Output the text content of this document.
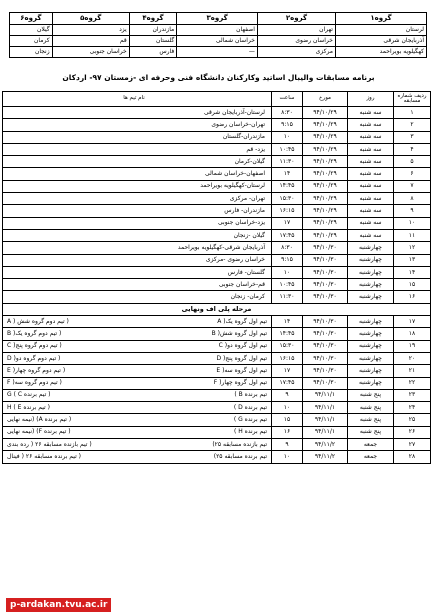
گروه۶	گروه۵	گروه۴	گروه۳	گروه۲	گروه۱
گیلان	یزد	مازندران	اصفهان	تهران	لرستان
کرمان	قم	گلستان	خراسان شمالی	خراسان رضوی	آذربایجان شرقی
زنجان	خراسان جنوبی	فارس	—	مرکزی	کهگیلویه بویراحمد
برنامه مسابقات والیبال اساتید وکارکنان دانشگاه فنی وحرفه ای -زمستان ۹۷- اردکان
ردیف شماره مسابقه	روز	مورخ	ساعت	نام تیم ها
۱	سه شنبه	۹۴/۱۰/۲۹	۸:۳۰	لرستان-آذربایجان شرقی
۲	سه شنبه	۹۴/۱۰/۲۹	۹:۱۵	تهران-خراسان رضوی
۳	سه شنبه	۹۴/۱۰/۲۹	۱۰	مازندران-گلستان
۴	سه شنبه	۹۴/۱۰/۲۹	۱۰:۴۵	یزد- قم
۵	سه شنبه	۹۴/۱۰/۲۹	۱۱:۳۰	گیلان-کرمان
۶	سه شنبه	۹۴/۱۰/۲۹	۱۴	اصفهان-خراسان شمالی
۷	سه شنبه	۹۴/۱۰/۲۹	۱۴:۴۵	لرستان-کهگیلویه بویراحمد
۸	سه شنبه	۹۴/۱۰/۲۹	۱۵:۳۰	تهران- مرکزی
۹	سه شنبه	۹۴/۱۰/۲۹	۱۶:۱۵	مازندران- فارس
۱۰	سه شنبه	۹۴/۱۰/۲۹	۱۷	یزد-خراسان جنوبی
۱۱	سه شنبه	۹۴/۱۰/۲۹	۱۷:۴۵	گیلان -زنجان
۱۲	چهارشنبه	۹۴/۱۰/۳۰	۸:۳۰	آذربایجان شرقی-کهگیلویه بویراحمد
۱۳	چهارشنبه	۹۴/۱۰/۳۰	۹:۱۵	خراسان رضوی -مرکزی
۱۴	چهارشنبه	۹۴/۱۰/۳۰	۱۰	گلستان- فارس
۱۵	چهارشنبه	۹۴/۱۰/۳۰	۱۰:۴۵	قم-خراسان جنوبی
۱۶	چهارشنبه	۹۴/۱۰/۳۰	۱۱:۳۰	کرمان- زنجان
مرحله پلی اف ونهایی				
۱۷	چهارشنبه	۹۴/۱۰/۳۰	۱۴	تیم اول گروه یک( A
( تیم دوم گروه شش ( A

۱۸	چهارشنبه	۹۴/۱۰/۳۰	۱۴:۴۵	تیم اول گروه شش( B
( تیم دوم گروه یک( B

۱۹	چهارشنبه	۹۴/۱۰/۳۰	۱۵:۳۰	تیم اول گروه دو( C
( تیم دوم گروه پنج( C

۲۰	چهارشنبه	۹۴/۱۰/۳۰	۱۶:۱۵	تیم اول گروه پنج( D
( تیم دوم گروه دو( D

۲۱	چهارشنبه	۹۴/۱۰/۳۰	۱۷	تیم اول گروه سه( E
( تیم دوم گروه چهار( E

۲۲	چهارشنبه	۹۴/۱۰/۳۰	۱۷:۴۵	تیم اول گروه چهار( F
( تیم دوم گروه سه( F

۲۳	پنج شنبه	۹۴/۱۱/۱	۹	تیم برنده B )
( تیم برنده C ) G

۲۴	پنج شنبه	۹۴/۱۱/۱	۱۰	تیم برنده D )
( تیم برنده E ) H

۲۵	پنج شنبه	۹۴/۱۱/۱	۱۵	تیم برنده G )
( تیم برنده A) (نیمه نهایی

۲۶	پنج شنبه	۹۴/۱۱/۱	۱۶	تیم برنده H )
( تیم برنده F) (نیمه نهایی

۲۷	جمعه	۹۴/۱۱/۲	۹	تیم بازنده مسابقه ۲۵)
( تیم بازنده مسابقه ۲۶ ( رده بندی

۲۸	جمعه	۹۴/۱۱/۲	۱۰	تیم برنده مسابقه ۲۵)
( تیم برنده مسابقه ۲۶ ( فینال
p-ardakan.tvu.ac.ir
